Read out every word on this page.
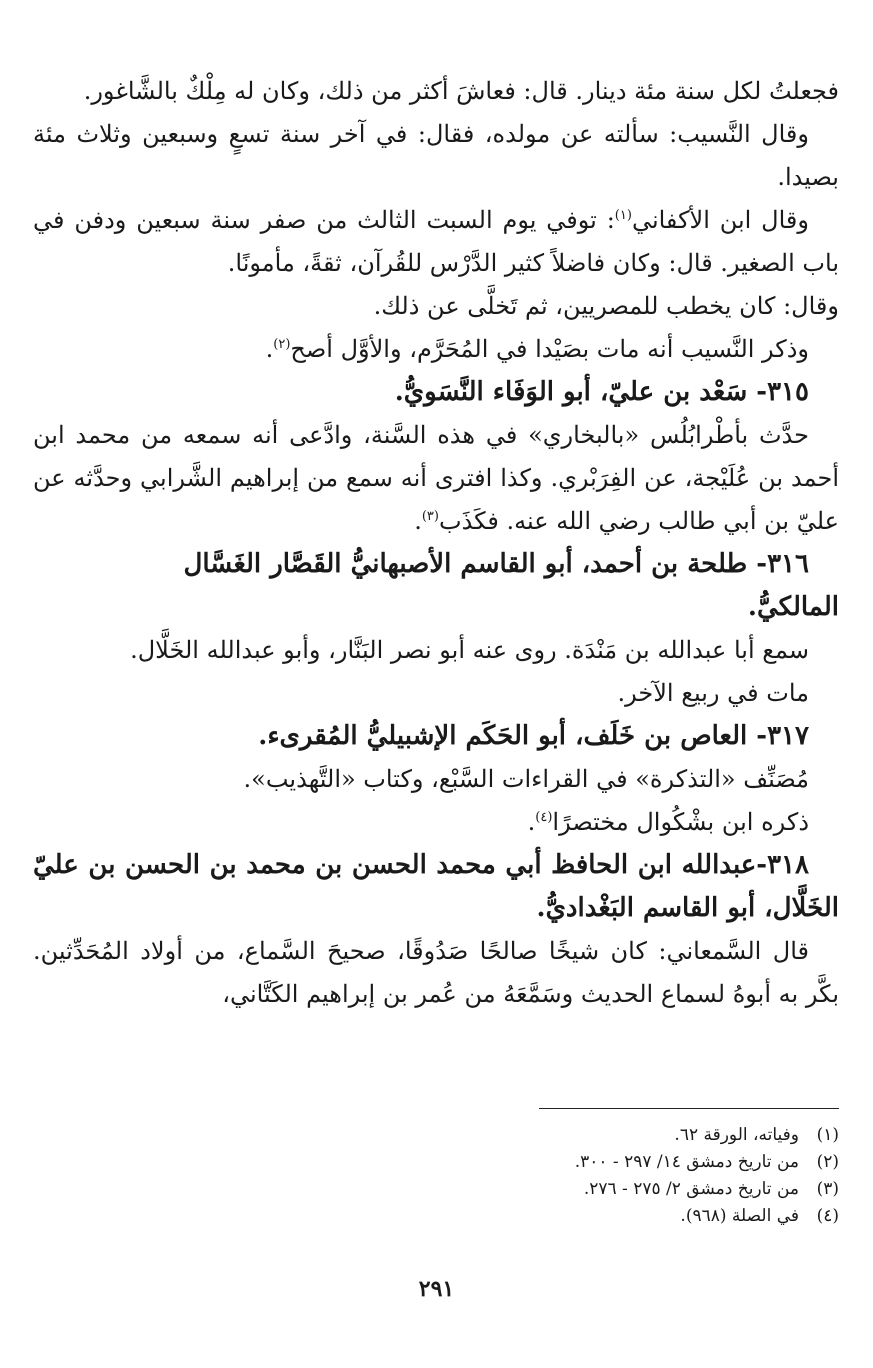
فجعلتُ لكل سنة مئة دينار. قال: فعاشَ أكثر من ذلك، وكان له مِلْكٌ بالشَّاغور.

وقال النَّسيب: سألته عن مولده، فقال: في آخر سنة تسعٍ وسبعين وثلاث مئة بصيدا.

وقال ابن الأكفاني$^{(١)}$: توفي يوم السبت الثالث من صفر سنة سبعين ودفن في باب الصغير. قال: وكان فاضلاً كثير الدَّرْس للقُرآن، ثقةً، مأمونًا.

وقال: كان يخطب للمصريين، ثم تَخلَّى عن ذلك.

وذكر النَّسيب أنه مات بصَيْدا في المُحَرَّم، والأوَّل أصح$^{(٢)}$.

٣١٥- سَعْد بن عليّ، أبو الوَفَاء النَّسَويُّ.

حدَّث بأطْرابُلُس «بالبخاري» في هذه السَّنة، وادَّعى أنه سمعه من محمد ابن أحمد بن عُلَيْجة، عن الفِرَبْري. وكذا افترى أنه سمع من إبراهيم الشَّرابي وحدَّثه عن عليّ بن أبي طالب رضي الله عنه. فكَذَب$^{(٣)}$.

٣١٦- طلحة بن أحمد، أبو القاسم الأصبهانيُّ القَصَّار الغَسَّال

المالكيُّ.

سمع أبا عبدالله بن مَنْدَة. روى عنه أبو نصر البَنَّار، وأبو عبدالله الخَلَّال.

مات في ربيع الآخر.

٣١٧- العاص بن خَلَف، أبو الحَكَم الإشبيليُّ المُقرىء.

مُصَنِّف «التذكرة» في القراءات السَّبْع، وكتاب «التَّهذيب».

ذكره ابن بشْكُوال مختصرًا$^{(٤)}$.

٣١٨-عبدالله ابن الحافظ أبي محمد الحسن بن محمد بن الحسن بن عليّ الخَلَّال، أبو القاسم البَغْداديُّ.

قال السَّمعاني: كان شيخًا صالحًا صَدُوقًا، صحيحَ السَّماع، من أولاد المُحَدِّثين. بكَّر به أبوهُ لسماع الحديث وسَمَّعَهُ من عُمر بن إبراهيم الكَتَّاني،

(١)وفياته، الورقة ٦٢.

(٢)من تاريخ دمشق ١٤/ ٢٩٧ - ٣٠٠.

(٣)من تاريخ دمشق ٢/ ٢٧٥ - ٢٧٦.

(٤)في الصلة (٩٦٨).

٢٩١
